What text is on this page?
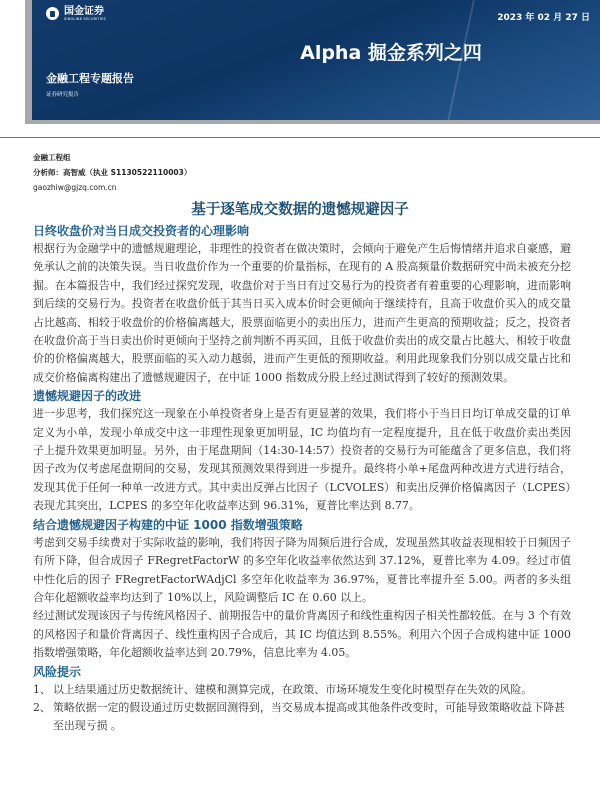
国金证券
SINOLINK SECURITIES	2023 年 02 月 27 日
Alpha 掘金系列之四
金融工程专题报告
证券研究报告
金融工程组
分析师：高智威（执业 S1130522110003）
gaozhiw@gjzq.com.cn
基于逐笔成交数据的遗憾规避因子
日终收盘价对当日成交投资者的心理影响

根据行为金融学中的遗憾规避理论，非理性的投资者在做决策时，会倾向于避免产生后悔情绪并追求自豪感，避免承认之前的决策失误。当日收盘价作为一个重要的价量指标，在现有的 A 股高频量价数据研究中尚未被充分挖掘。在本篇报告中，我们经过探究发现，收盘价对于当日有过交易行为的投资者有着重要的心理影响，进而影响到后续的交易行为。投资者在收盘价低于其当日买入成本价时会更倾向于继续持有，且高于收盘价买入的成交量占比越高、相较于收盘价的价格偏离越大，股票面临更小的卖出压力，进而产生更高的预期收益；反之，投资者在收盘价高于当日卖出价时更倾向于坚持之前判断不再买回，且低于收盘价卖出的成交量占比越大、相较于收盘价的价格偏离越大，股票面临的买入动力越弱，进而产生更低的预期收益。利用此现象我们分别以成交量占比和成交价格偏离构建出了遗憾规避因子，在中证 1000 指数成分股上经过测试得到了较好的预测效果。

遗憾规避因子的改进

进一步思考，我们探究这一现象在小单投资者身上是否有更显著的效果，我们将小于当日日均订单成交量的订单定义为小单，发现小单成交中这一非理性现象更加明显，IC 均值均有一定程度提升，且在低于收盘价卖出类因子上提升效果更加明显。另外，由于尾盘期间（14:30-14:57）投资者的交易行为可能蕴含了更多信息，我们将因子改为仅考虑尾盘期间的交易，发现其预测效果得到进一步提升。最终将小单+尾盘两种改进方式进行结合，发现其优于任何一种单一改进方式。其中卖出反弹占比因子（LCVOLES）和卖出反弹价格偏离因子（LCPES）表现尤其突出，LCPES 的多空年化收益率达到 96.31%，夏普比率达到 8.77。

结合遗憾规避因子构建的中证 1000 指数增强策略

考虑到交易手续费对于实际收益的影响，我们将因子降为周频后进行合成，发现虽然其收益表现相较于日频因子有所下降，但合成因子 FRegretFactorW 的多空年化收益率依然达到 37.12%，夏普比率为 4.09。经过市值中性化后的因子 FRegretFactorWAdjCl 多空年化收益率为 36.97%，夏普比率提升至 5.00。两者的多头组合年化超额收益率均达到了 10%以上，风险调整后 IC 在 0.60 以上。

经过测试发现该因子与传统风格因子、前期报告中的量价背离因子和线性重构因子相关性都较低。在与 3 个有效的风格因子和量价背离因子、线性重构因子合成后，其 IC 均值达到 8.55%。利用六个因子合成构建中证 1000 指数增强策略，年化超额收益率达到 20.79%，信息比率为 4.05。

风险提示
1、 以上结果通过历史数据统计、建模和测算完成，在政策、市场环境发生变化时模型存在失效的风险。
2、 策略依据一定的假设通过历史数据回测得到，当交易成本提高或其他条件改变时，可能导致策略收益下降甚至出现亏损 。
